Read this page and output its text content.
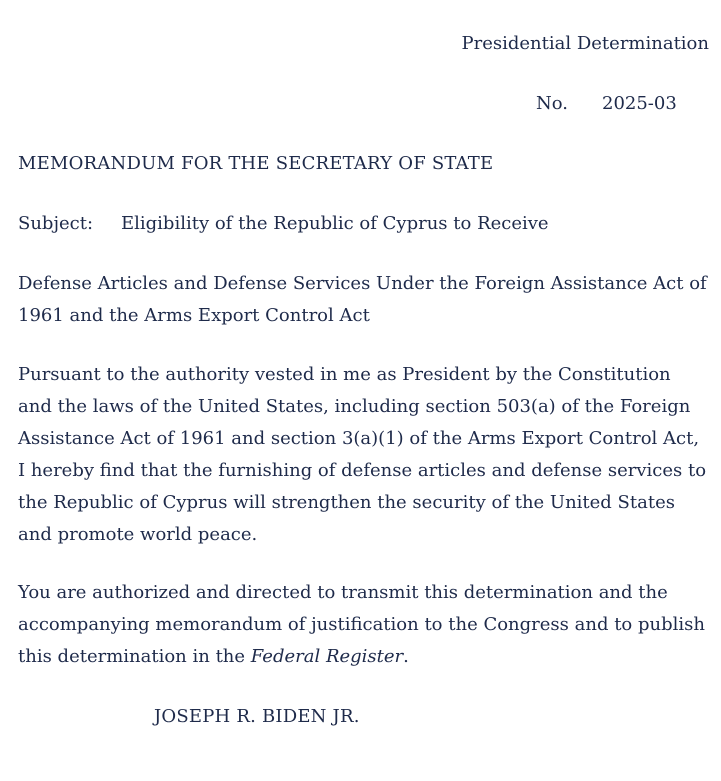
Presidential Determination
No. 2025-03
MEMORANDUM FOR THE SECRETARY OF STATE
Subject: Eligibility of the Republic of Cyprus to Receive

Defense Articles and Defense Services Under the Foreign Assistance Act of 1961 and the Arms Export Control Act

Pursuant to the authority vested in me as President by the Constitution and the laws of the United States, including section 503(a) of the Foreign Assistance Act of 1961 and section 3(a)(1) of the Arms Export Control Act, I hereby find that the furnishing of defense articles and defense services to the Republic of Cyprus will strengthen the security of the United States and promote world peace.

You are authorized and directed to transmit this determination and the accompanying memorandum of justification to the Congress and to publish this determination in the Federal Register.

JOSEPH R. BIDEN JR.
